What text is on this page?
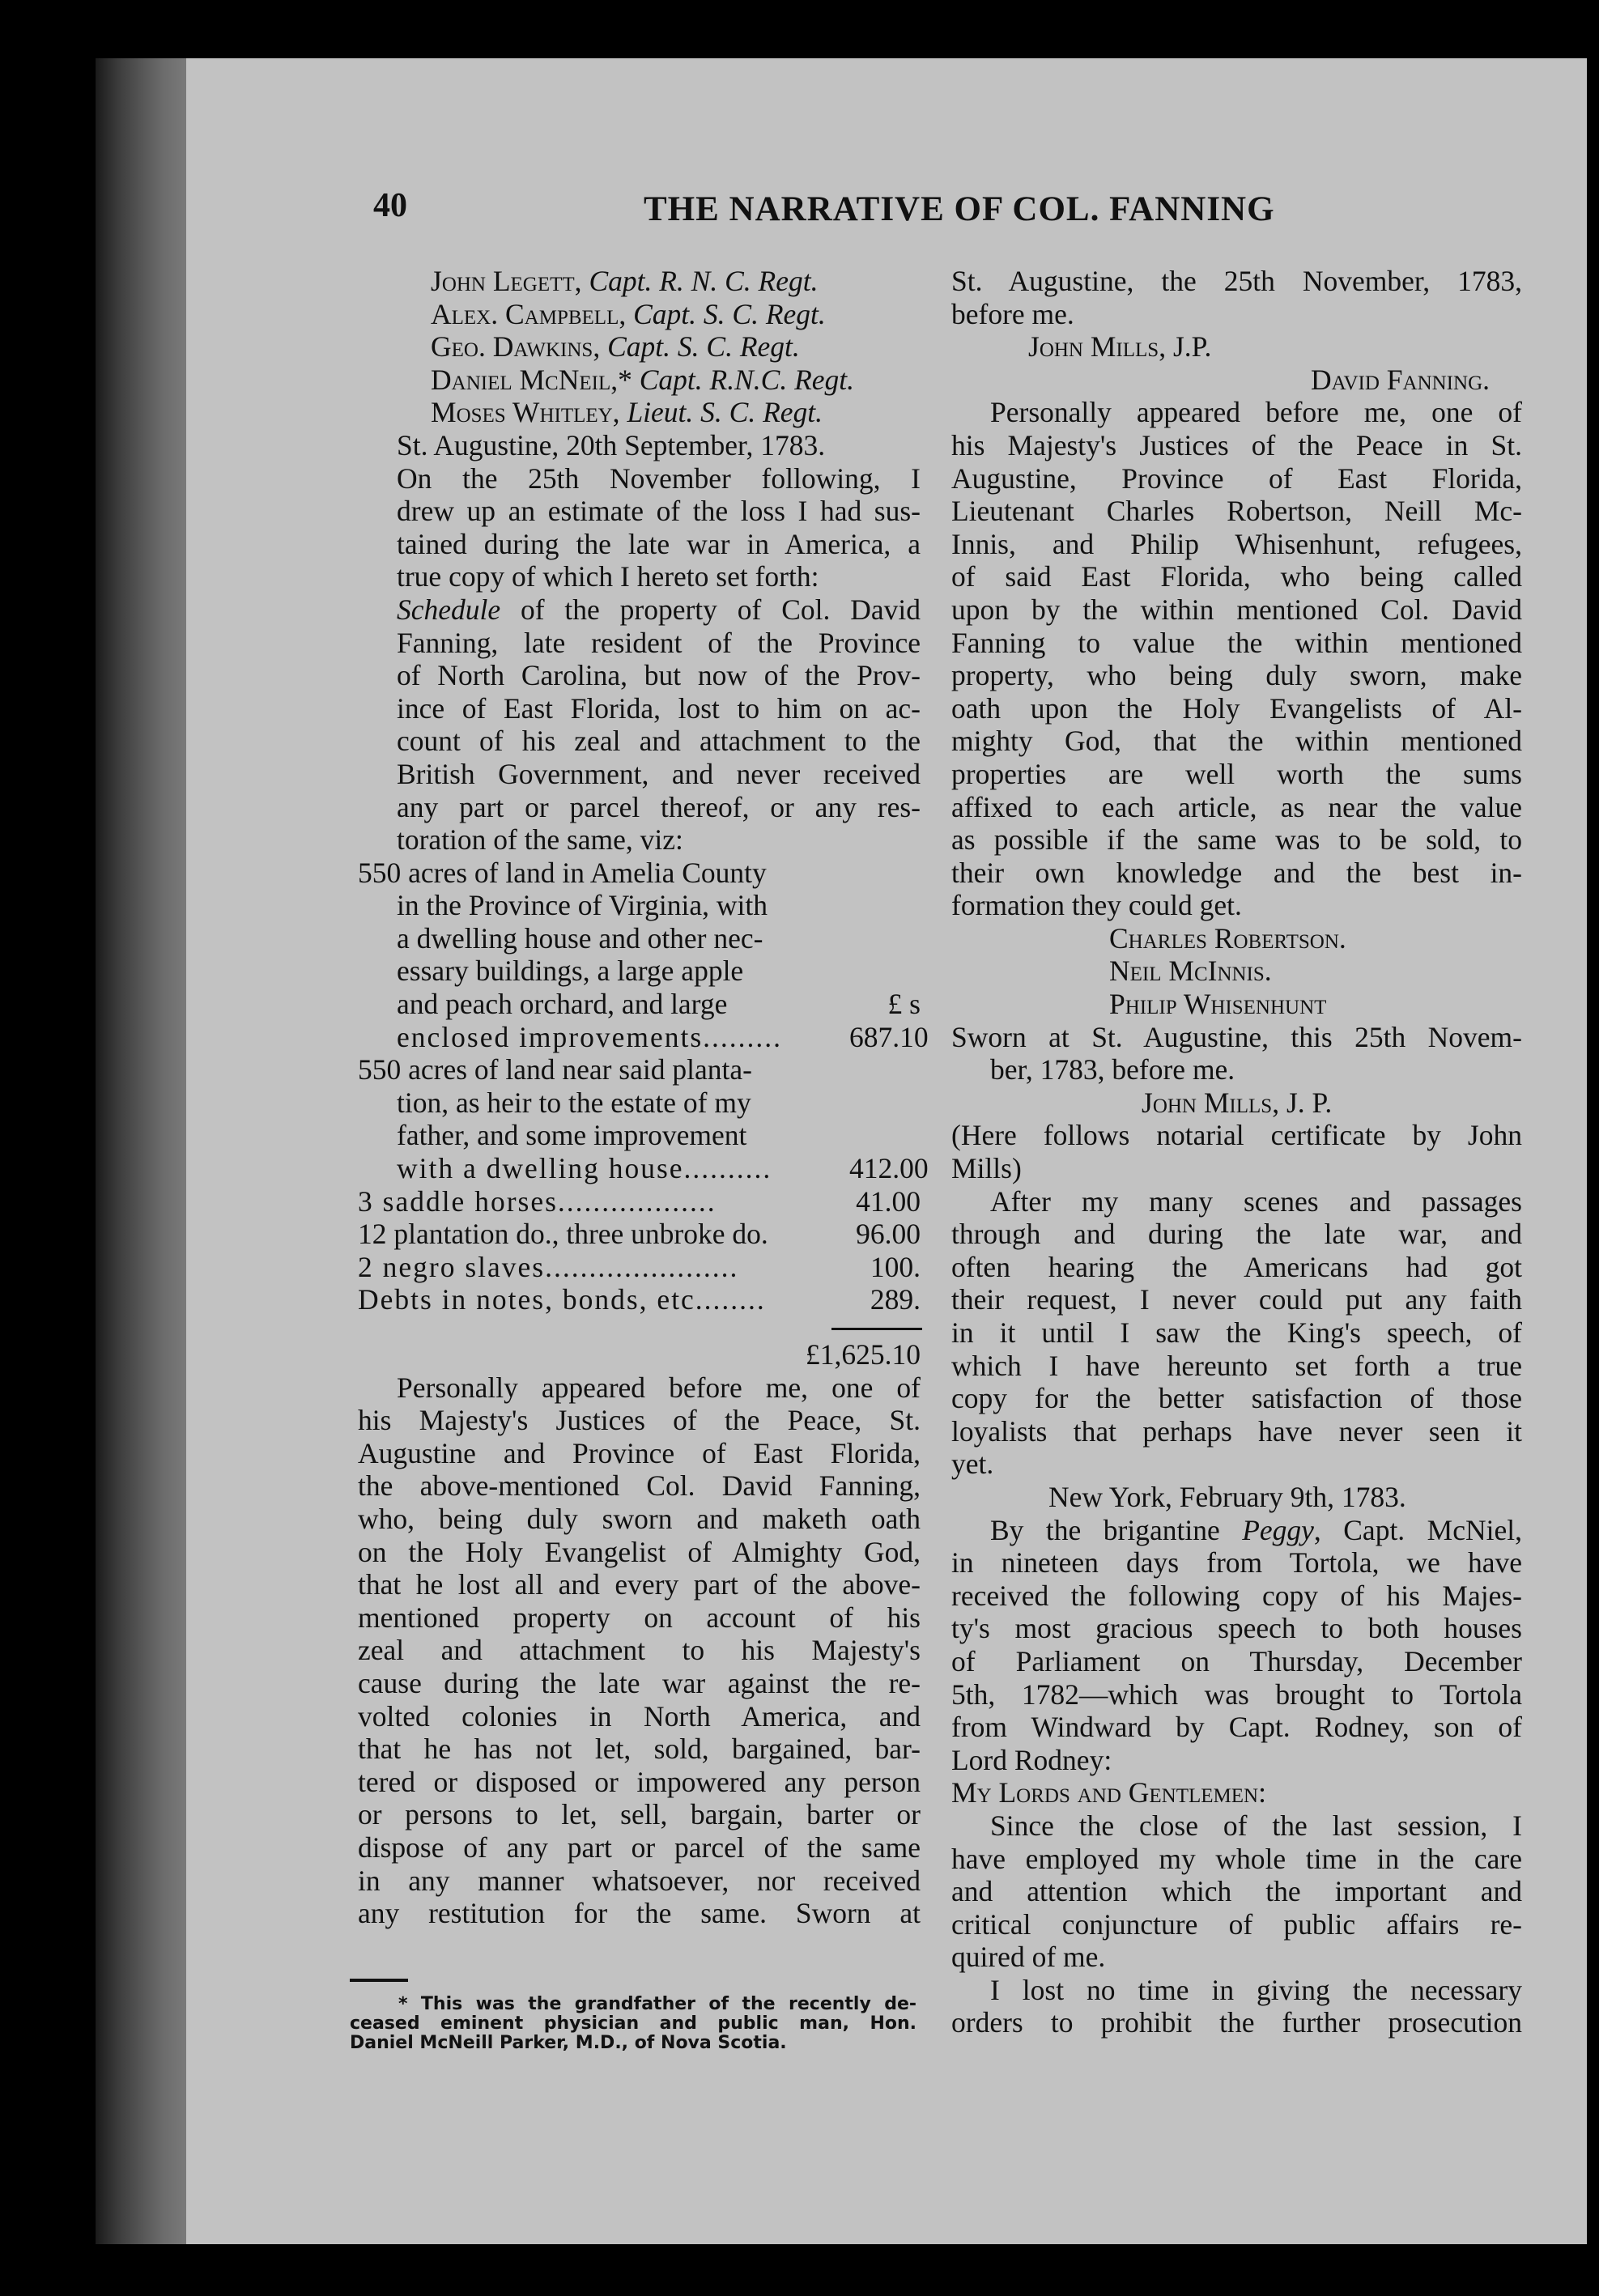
40	THE NARRATIVE OF COL. FANNING
John Legett, Capt. R. N. C. Regt.
Alex. Campbell, Capt. S. C. Regt.
Geo. Dawkins, Capt. S. C. Regt.
Daniel McNeil,* Capt. R.N.C. Regt.
Moses Whitley, Lieut. S. C. Regt.
St. Augustine, 20th September, 1783.
On the 25th November following, I
drew up an estimate of the loss I had sus-
tained during the late war in America, a
true copy of which I hereto set forth:
Schedule of the property of Col. David
Fanning, late resident of the Province
of North Carolina, but now of the Prov-
ince of East Florida, lost to him on ac-
count of his zeal and attachment to the
British Government, and never received
any part or parcel thereof, or any res-
toration of the same, viz:
550 acres of land in Amelia County
in the Province of Virginia, with
a dwelling house and other nec-
essary buildings, a large apple
and peach orchard, and large	£ s
enclosed improvements.........	687.10
550 acres of land near said planta-
tion, as heir to the estate of my
father, and some improvement
with a dwelling house..........	412.00
3 saddle horses..................	41.00
12 plantation do., three unbroke do.	96.00
2 negro slaves......................	100.
Debts in notes, bonds, etc........	289.
£1,625.10
Personally appeared before me, one of
his Majesty's Justices of the Peace, St.
Augustine and Province of East Florida,
the above-mentioned Col. David Fanning,
who, being duly sworn and maketh oath
on the Holy Evangelist of Almighty God,
that he lost all and every part of the above-
mentioned property on account of his
zeal and attachment to his Majesty's
cause during the late war against the re-
volted colonies in North America, and
that he has not let, sold, bargained, bar-
tered or disposed or impowered any person
or persons to let, sell, bargain, barter or
dispose of any part or parcel of the same
in any manner whatsoever, nor received
any restitution for the same. Sworn at
* This was the grandfather of the recently de-
ceased eminent physician and public man, Hon.
Daniel McNeill Parker, M.D., of Nova Scotia.
St. Augustine, the 25th November, 1783,
before me.
John Mills, J.P.
David Fanning.
Personally appeared before me, one of
his Majesty's Justices of the Peace in St.
Augustine, Province of East Florida,
Lieutenant Charles Robertson, Neill Mc-
Innis, and Philip Whisenhunt, refugees,
of said East Florida, who being called
upon by the within mentioned Col. David
Fanning to value the within mentioned
property, who being duly sworn, make
oath upon the Holy Evangelists of Al-
mighty God, that the within mentioned
properties are well worth the sums
affixed to each article, as near the value
as possible if the same was to be sold, to
their own knowledge and the best in-
formation they could get.
Charles Robertson.
Neil McInnis.
Philip Whisenhunt
Sworn at St. Augustine, this 25th Novem-
ber, 1783, before me.
John Mills, J. P.
(Here follows notarial certificate by John
Mills)
After my many scenes and passages
through and during the late war, and
often hearing the Americans had got
their request, I never could put any faith
in it until I saw the King's speech, of
which I have hereunto set forth a true
copy for the better satisfaction of those
loyalists that perhaps have never seen it
yet.
New York, February 9th, 1783.
By the brigantine Peggy, Capt. McNiel,
in nineteen days from Tortola, we have
received the following copy of his Majes-
ty's most gracious speech to both houses
of Parliament on Thursday, December
5th, 1782—which was brought to Tortola
from Windward by Capt. Rodney, son of
Lord Rodney:
My Lords and Gentlemen:
Since the close of the last session, I
have employed my whole time in the care
and attention which the important and
critical conjuncture of public affairs re-
quired of me.
I lost no time in giving the necessary
orders to prohibit the further prosecution
